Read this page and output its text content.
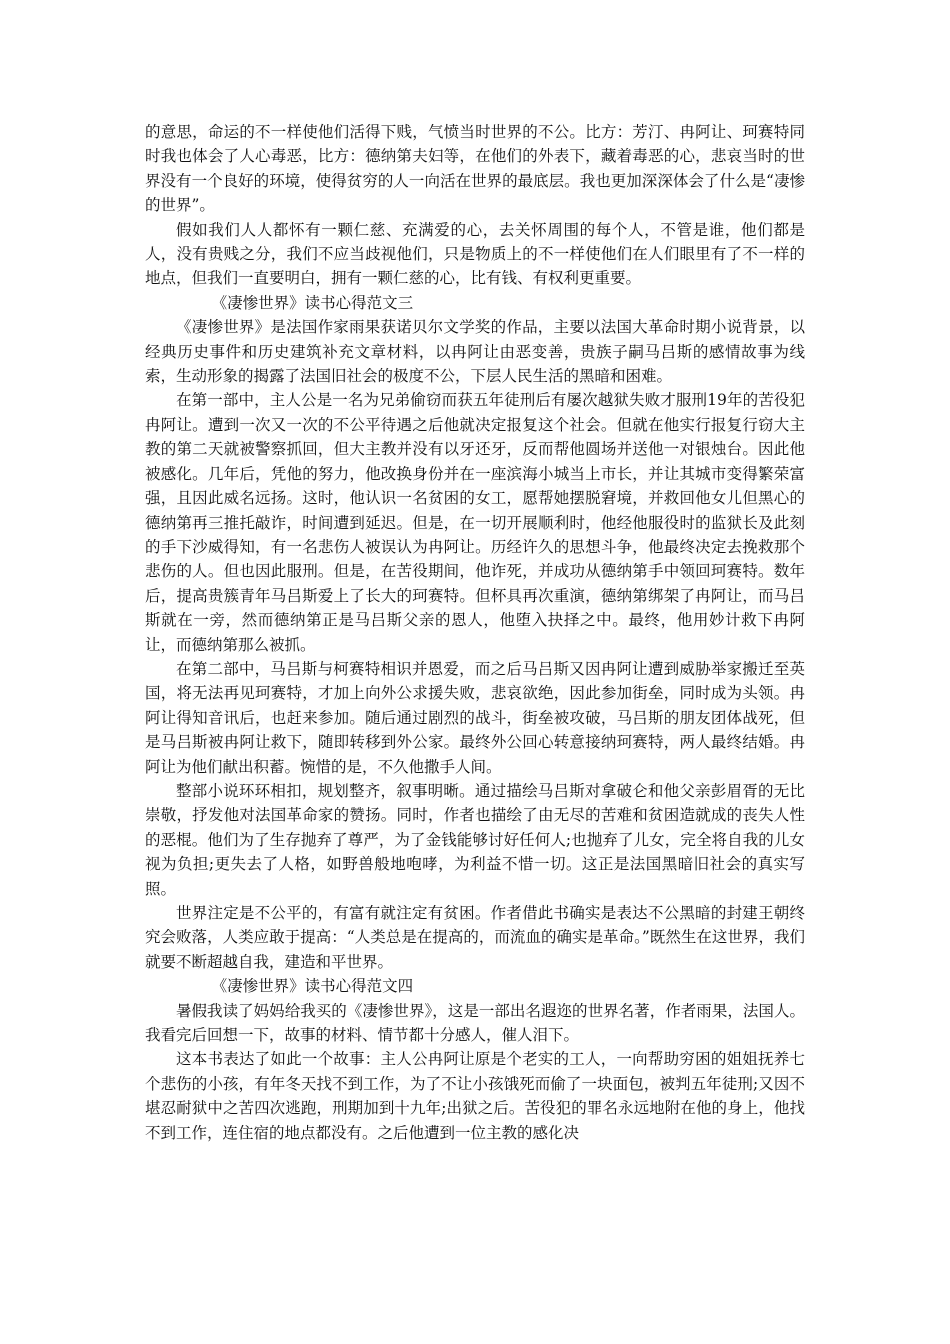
的意思，命运的不一样使他们活得下贱，气愤当时世界的不公。比方：芳汀、冉阿让、珂赛特同时我也体会了人心毒恶，比方：德纳第夫妇等，在他们的外表下，藏着毒恶的心，悲哀当时的世界没有一个良好的环境，使得贫穷的人一向活在世界的最底层。我也更加深深体会了什么是“凄惨的世界”。

假如我们人人都怀有一颗仁慈、充满爱的心，去关怀周围的每个人，不管是谁，他们都是人，没有贵贱之分，我们不应当歧视他们，只是物质上的不一样使他们在人们眼里有了不一样的地点，但我们一直要明白，拥有一颗仁慈的心，比有钱、有权利更重要。

《凄惨世界》读书心得范文三

《凄惨世界》是法国作家雨果获诺贝尔文学奖的作品，主要以法国大革命时期小说背景，以经典历史事件和历史建筑补充文章材料，以冉阿让由恶变善，贵族子嗣马吕斯的感情故事为线索，生动形象的揭露了法国旧社会的极度不公，下层人民生活的黑暗和困难。

在第一部中，主人公是一名为兄弟偷窃而获五年徒刑后有屡次越狱失败才服刑19年的苦役犯冉阿让。遭到一次又一次的不公平待遇之后他就决定报复这个社会。但就在他实行报复行窃大主教的第二天就被警察抓回，但大主教并没有以牙还牙，反而帮他圆场并送他一对银烛台。因此他被感化。几年后，凭他的努力，他改换身份并在一座滨海小城当上市长，并让其城市变得繁荣富强，且因此威名远扬。这时，他认识一名贫困的女工，愿帮她摆脱窘境，并救回他女儿但黑心的德纳第再三推托敲诈，时间遭到延迟。但是，在一切开展顺利时，他经他服役时的监狱长及此刻的手下沙威得知，有一名悲伤人被误认为冉阿让。历经许久的思想斗争，他最终决定去挽救那个悲伤的人。但也因此服刑。但是，在苦役期间，他诈死，并成功从德纳第手中领回珂赛特。数年后，提高贵簇青年马吕斯爱上了长大的珂赛特。但杯具再次重演，德纳第绑架了冉阿让，而马吕斯就在一旁，然而德纳第正是马吕斯父亲的恩人，他堕入抉择之中。最终，他用妙计救下冉阿让，而德纳第那么被抓。

在第二部中，马吕斯与柯赛特相识并恩爱，而之后马吕斯又因冉阿让遭到威胁举家搬迁至英国，将无法再见珂赛特，才加上向外公求援失败，悲哀欲绝，因此参加街垒，同时成为头领。冉阿让得知音讯后，也赶来参加。随后通过剧烈的战斗，街垒被攻破，马吕斯的朋友团体战死，但是马吕斯被冉阿让救下，随即转移到外公家。最终外公回心转意接纳珂赛特，两人最终结婚。冉阿让为他们献出积蓄。惋惜的是，不久他撒手人间。

整部小说环环相扣，规划整齐，叙事明晰。通过描绘马吕斯对拿破仑和他父亲彭眉胥的无比崇敬，抒发他对法国革命家的赞扬。同时，作者也描绘了由无尽的苦难和贫困造就成的丧失人性的恶棍。他们为了生存抛弃了尊严，为了金钱能够讨好任何人;也抛弃了儿女，完全将自我的儿女视为负担;更失去了人格，如野兽般地咆哮，为利益不惜一切。这正是法国黑暗旧社会的真实写照。

世界注定是不公平的，有富有就注定有贫困。作者借此书确实是表达不公黑暗的封建王朝终究会败落，人类应敢于提高：“人类总是在提高的，而流血的确实是革命。”既然生在这世界，我们就要不断超越自我，建造和平世界。

《凄惨世界》读书心得范文四

暑假我读了妈妈给我买的《凄惨世界》，这是一部出名遐迩的世界名著，作者雨果，法国人。我看完后回想一下，故事的材料、情节都十分感人，催人泪下。

这本书表达了如此一个故事：主人公冉阿让原是个老实的工人，一向帮助穷困的姐姐抚养七个悲伤的小孩，有年冬天找不到工作，为了不让小孩饿死而偷了一块面包，被判五年徒刑;又因不堪忍耐狱中之苦四次逃跑，刑期加到十九年;出狱之后。苦役犯的罪名永远地附在他的身上，他找不到工作，连住宿的地点都没有。之后他遭到一位主教的感化决
